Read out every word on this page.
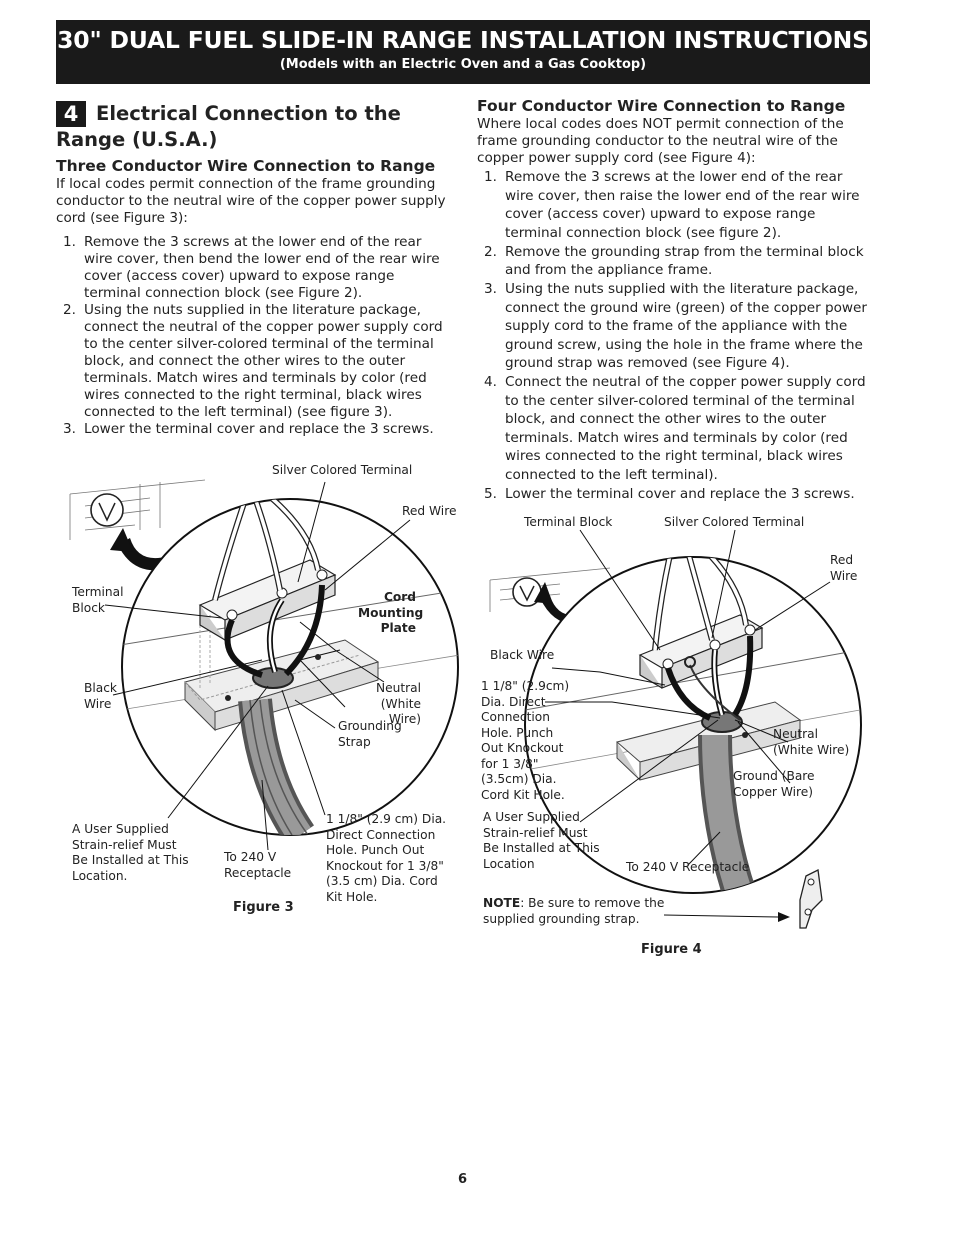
30" DUAL FUEL SLIDE-IN RANGE INSTALLATION INSTRUCTIONS
(Models with an Electric Oven and a Gas Cooktop)
4 Electrical Connection to the
Range (U.S.A.)
Three Conductor Wire Connection to Range
If local codes permit connection of the frame grounding conductor to the neutral wire of the copper power supply cord (see Figure 3):
1. Remove the 3 screws at the lower end of the rear wire cover, then bend the lower end of the rear wire cover (access cover) upward to expose range terminal connection block (see Figure 2).
2. Using the nuts supplied in the literature package, connect the neutral of the copper power supply cord to the center silver-colored terminal of the terminal block, and connect the other wires to the outer terminals. Match wires and terminals by color (red wires connected to the right terminal, black wires connected to the left terminal) (see figure 3).
3. Lower the terminal cover and replace the 3 screws.
Four Conductor Wire Connection to Range
Where local codes does NOT permit connection of the frame grounding conductor to the neutral wire of the copper power supply cord (see Figure 4):
1. Remove the 3 screws at the lower end of the rear wire cover, then raise the lower end of the rear wire cover (access cover) upward to expose range terminal connection block (see figure 2).
2. Remove the grounding strap from the terminal block and from the appliance frame.
3. Using the nuts supplied with the literature package, connect the ground wire (green) of the copper power supply cord to the frame of the appliance with the ground screw, using the hole in the frame where the ground strap was removed (see Figure 4).
4. Connect the neutral of the copper power supply cord to the center silver-colored terminal of the terminal block, and connect the other wires to the outer terminals. Match wires and terminals by color (red wires connected to the right terminal, black wires connected to the left terminal).
5. Lower the terminal cover and replace the 3 screws.
Silver Colored Terminal
Red Wire
Terminal
Block
Cord
Mounting
Plate
Black
Wire
Neutral
(White Wire)
Grounding
Strap
A User Supplied
Strain-relief Must
Be Installed at This
Location.
To 240 V
Receptacle
1 1/8" (2.9 cm) Dia.
Direct Connection
Hole. Punch Out
Knockout for 1 3/8"
(3.5 cm) Dia. Cord
Kit Hole.
Figure 3
Terminal Block	Silver Colored Terminal
Red
Wire
Black Wire
1 1/8" (2.9cm)
Dia. Direct
Connection
Hole. Punch
Out Knockout
for 1 3/8"
(3.5cm) Dia.
Cord Kit Hole.
Neutral
(White Wire)
Ground (Bare
Copper Wire)
A User Supplied
Strain-relief Must
Be Installed at This
Location	To 240 V Receptacle
NOTE: Be sure to remove the
supplied grounding strap.
Figure 4
6
